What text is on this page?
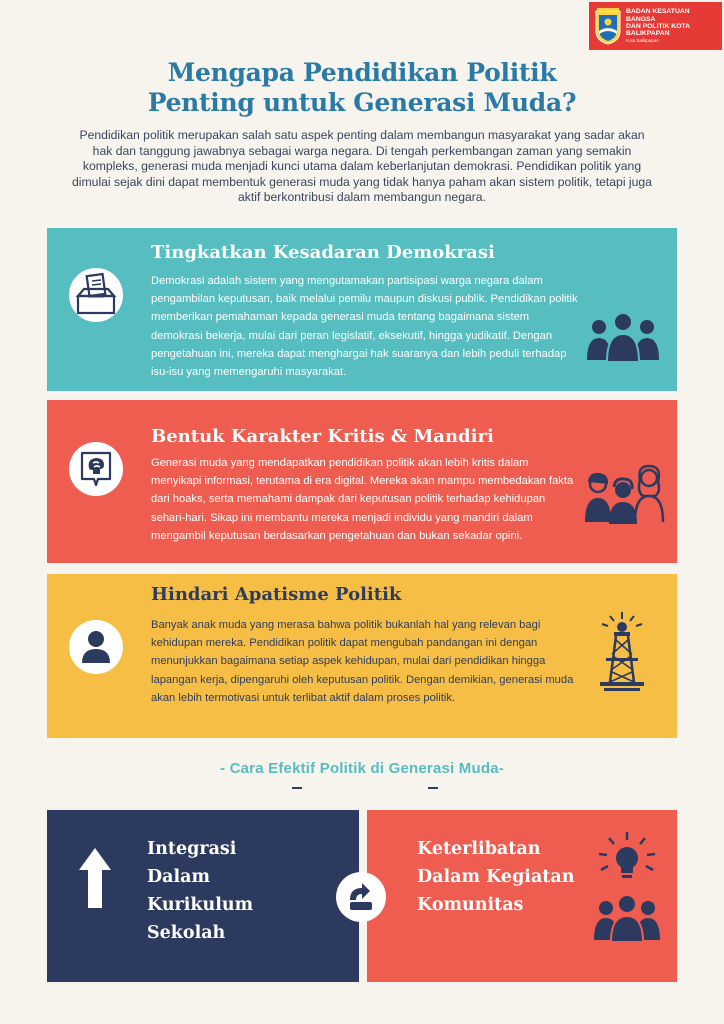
BADAN KESATUAN BANGSA
DAN POLITIK KOTA
BALIKPAPAN
Kota Balikpapan
Mengapa Pendidikan Politik
Penting untuk Generasi Muda?

Pendidikan politik merupakan salah satu aspek penting dalam membangun masyarakat yang sadar akan hak dan tanggung jawabnya sebagai warga negara. Di tengah perkembangan zaman yang semakin kompleks, generasi muda menjadi kunci utama dalam keberlanjutan demokrasi. Pendidikan politik yang dimulai sejak dini dapat membentuk generasi muda yang tidak hanya paham akan sistem politik, tetapi juga aktif berkontribusi dalam membangun negara.

Tingkatkan Kesadaran Demokrasi

Demokrasi adalah sistem yang mengutamakan partisipasi warga negara dalam pengambilan keputusan, baik melalui pemilu maupun diskusi publik. Pendidikan politik memberikan pemahaman kepada generasi muda tentang bagaimana sistem demokrasi bekerja, mulai dari peran legislatif, eksekutif, hingga yudikatif. Dengan pengetahuan ini, mereka dapat menghargai hak suaranya dan lebih peduli terhadap isu-isu yang memengaruhi masyarakat.

Bentuk Karakter Kritis & Mandiri

Generasi muda yang mendapatkan pendidikan politik akan lebih kritis dalam menyikapi informasi, terutama di era digital. Mereka akan mampu membedakan fakta dari hoaks, serta memahami dampak dari keputusan politik terhadap kehidupan sehari-hari. Sikap ini membantu mereka menjadi individu yang mandiri dalam mengambil keputusan berdasarkan pengetahuan dan bukan sekadar opini.

Hindari Apatisme Politik

Banyak anak muda yang merasa bahwa politik bukanlah hal yang relevan bagi kehidupan mereka. Pendidikan politik dapat mengubah pandangan ini dengan menunjukkan bagaimana setiap aspek kehidupan, mulai dari pendidikan hingga lapangan kerja, dipengaruhi oleh keputusan politik. Dengan demikian, generasi muda akan lebih termotivasi untuk terlibat aktif dalam proses politik.

- Cara Efektif Politik di Generasi Muda-
Integrasi
Dalam
Kurikulum
Sekolah
Keterlibatan
Dalam Kegiatan
Komunitas
